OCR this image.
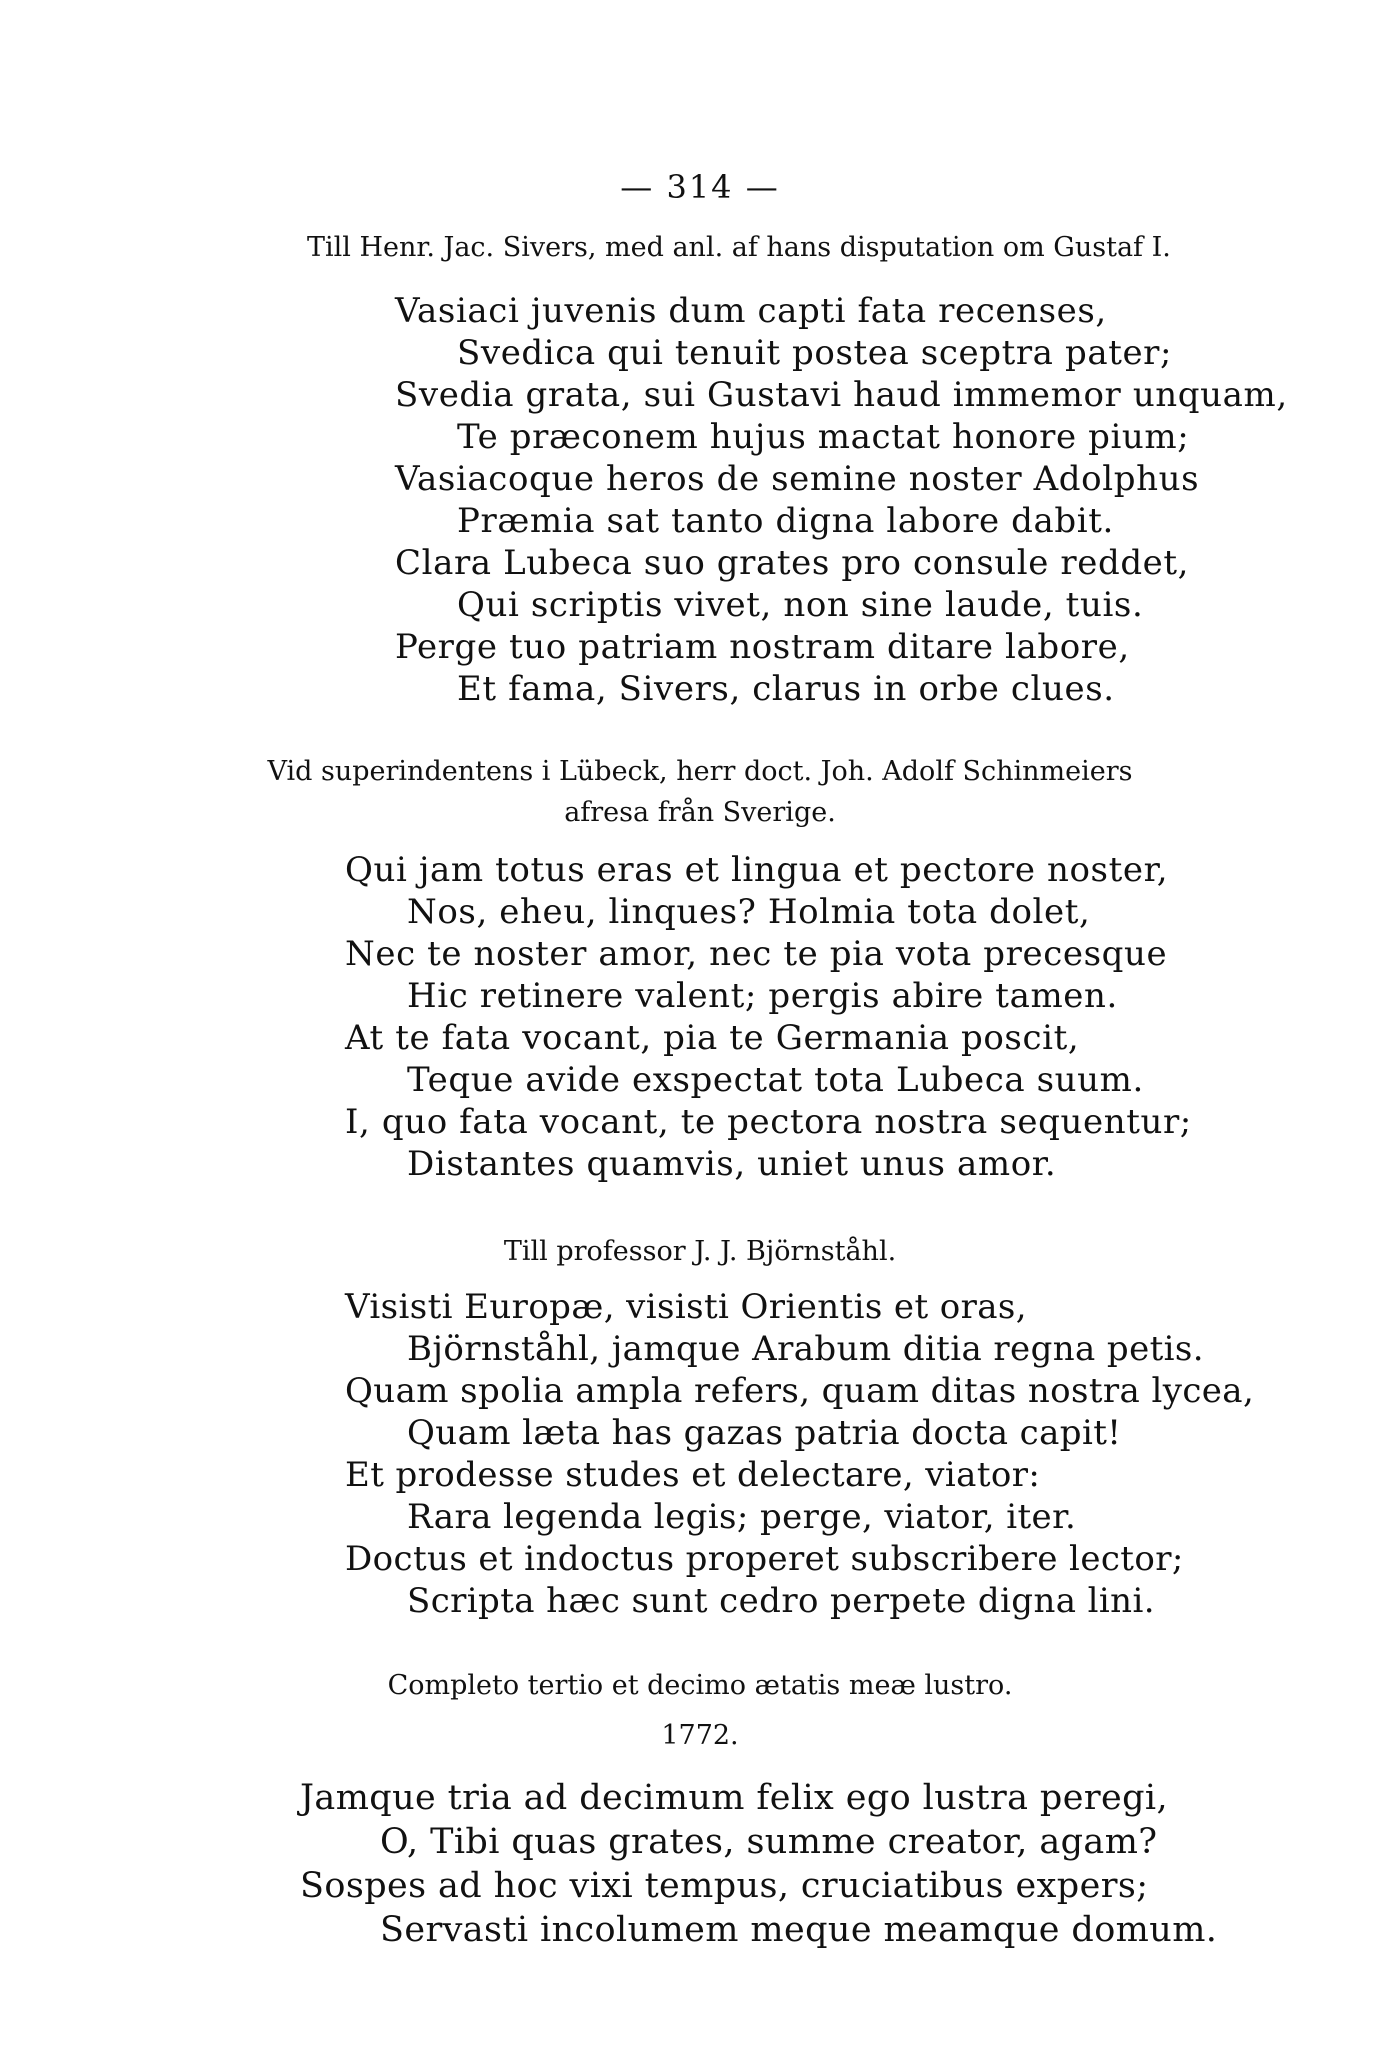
— 314 —
Till Henr. Jac. Sivers, med anl. af hans disputation om Gustaf I.
Vasiaci juvenis dum capti fata recenses,
Svedica qui tenuit postea sceptra pater;
Svedia grata, sui Gustavi haud immemor unquam,
Te præconem hujus mactat honore pium;
Vasiacoque heros de semine noster Adolphus
Præmia sat tanto digna labore dabit.
Clara Lubeca suo grates pro consule reddet,
Qui scriptis vivet, non sine laude, tuis.
Perge tuo patriam nostram ditare labore,
Et fama, Sivers, clarus in orbe clues.
Vid superindentens i Lübeck, herr doct. Joh. Adolf Schinmeiers
afresa från Sverige.
Qui jam totus eras et lingua et pectore noster,
Nos, eheu, linques? Holmia tota dolet,
Nec te noster amor, nec te pia vota precesque
Hic retinere valent; pergis abire tamen.
At te fata vocant, pia te Germania poscit,
Teque avide exspectat tota Lubeca suum.
I, quo fata vocant, te pectora nostra sequentur;
Distantes quamvis, uniet unus amor.
Till professor J. J. Björnståhl.
Visisti Europæ, visisti Orientis et oras,
Björnståhl, jamque Arabum ditia regna petis.
Quam spolia ampla refers, quam ditas nostra lycea,
Quam læta has gazas patria docta capit!
Et prodesse studes et delectare, viator:
Rara legenda legis; perge, viator, iter.
Doctus et indoctus properet subscribere lector;
Scripta hæc sunt cedro perpete digna lini.
Completo tertio et decimo ætatis meæ lustro.
1772.
Jamque tria ad decimum felix ego lustra peregi,
O, Tibi quas grates, summe creator, agam?
Sospes ad hoc vixi tempus, cruciatibus expers;
Servasti incolumem meque meamque domum.
